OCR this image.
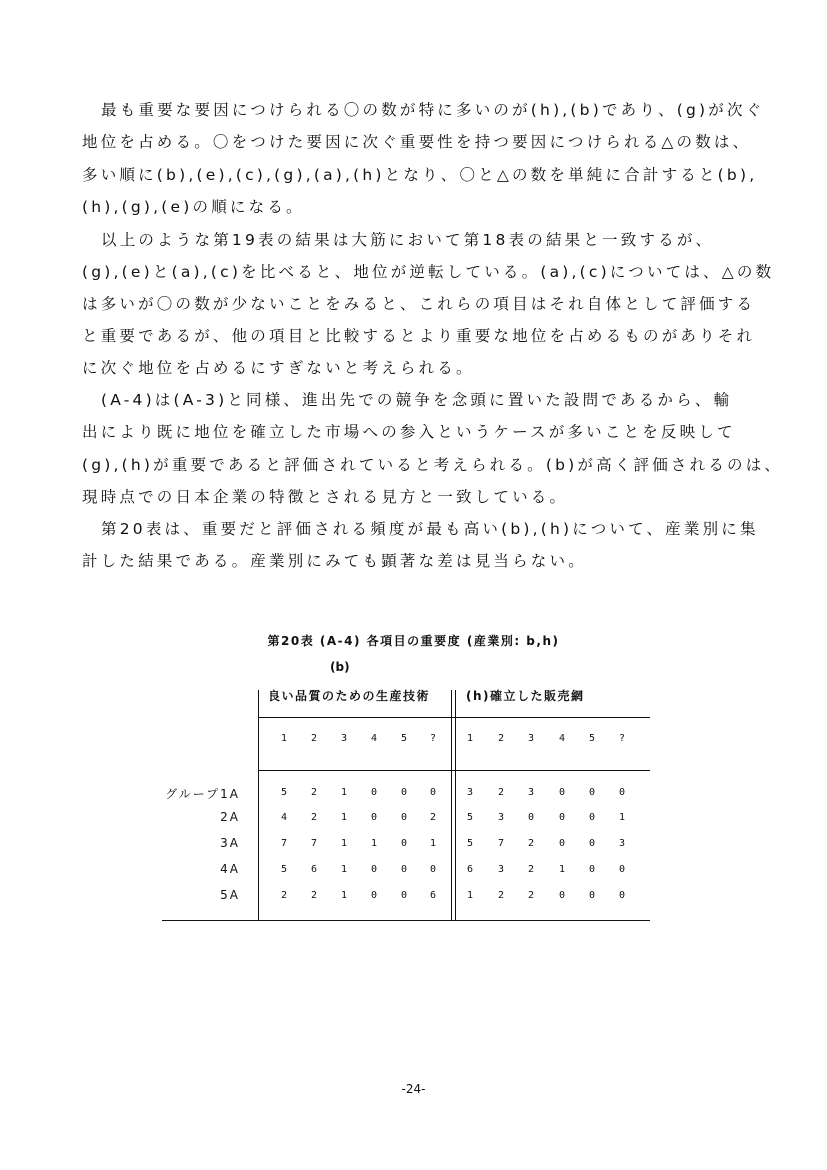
最も重要な要因につけられる〇の数が特に多いのが(h),(b)であり、(g)が次ぐ
地位を占める。〇をつけた要因に次ぐ重要性を持つ要因につけられる△の数は、
多い順に(b),(e),(c),(g),(a),(h)となり、〇と△の数を単純に合計すると(b),
(h),(g),(e)の順になる。
以上のような第19表の結果は大筋において第18表の結果と一致するが、
(g),(e)と(a),(c)を比べると、地位が逆転している。(a),(c)については、△の数
は多いが〇の数が少ないことをみると、これらの項目はそれ自体として評価する
と重要であるが、他の項目と比較するとより重要な地位を占めるものがありそれ
に次ぐ地位を占めるにすぎないと考えられる。
(A-4)は(A-3)と同様、進出先での競争を念頭に置いた設問であるから、輸
出により既に地位を確立した市場への参入というケースが多いことを反映して
(g),(h)が重要であると評価されていると考えられる。(b)が高く評価されるのは、
現時点での日本企業の特徴とされる見方と一致している。
第20表は、重要だと評価される頻度が最も高い(b),(h)について、産業別に集
計した結果である。産業別にみても顕著な差は見当らない。
第20表 (A-4) 各項目の重要度 (産業別: b,h)
(b)
良い品質のための生産技術	(h)確立した販売網
1	2	3	4	5	?	1	2	3	4	5	?
グループ1A	5	2	1	0	0	0	3	2	3	0	0	0
2A	4	2	1	0	0	2	5	3	0	0	0	1
3A	7	7	1	1	0	1	5	7	2	0	0	3
4A	5	6	1	0	0	0	6	3	2	1	0	0
5A	2	2	1	0	0	6	1	2	2	0	0	0
-24-
